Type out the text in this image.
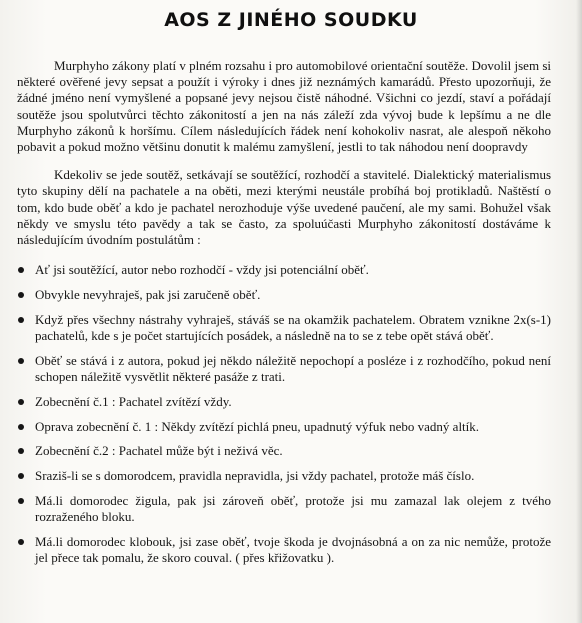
AOS Z JINÉHO SOUDKU

Murphyho zákony platí v plném rozsahu i pro automobilové orientační soutěže. Dovolil jsem si některé ověřené jevy sepsat a použít i výroky i dnes již neznámých kamarádů. Přesto upozorňuji, že žádné jméno není vymyšlené a popsané jevy nejsou čistě náhodné. Všichni co jezdí, staví a pořádají soutěže jsou spolutvůrci těchto zákonitostí a jen na nás záleží zda vývoj bude k lepšímu a ne dle Murphyho zákonů k horšímu. Cílem následujících řádek není kohokoliv nasrat, ale alespoň někoho pobavit a pokud možno většinu donutit k malému zamyšlení, jestli to tak náhodou není doopravdy

Kdekoliv se jede soutěž, setkávají se soutěžící, rozhodčí a stavitelé. Dialektický materialismus tyto skupiny dělí na pachatele a na oběti, mezi kterými neustále probíhá boj protikladů. Naštěstí o tom, kdo bude oběť a kdo je pachatel nerozhoduje výše uvedené paučení, ale my sami. Bohužel však někdy ve smyslu této pavědy a tak se často, za spoluúčasti Murphyho zákonitostí dostáváme k následujícím úvodním postulátům :

Ať jsi soutěžící, autor nebo rozhodčí - vždy jsi potenciální oběť.
Obvykle nevyhraješ, pak jsi zaručeně oběť.
Když přes všechny nástrahy vyhraješ, stáváš se na okamžik pachatelem. Obratem vznikne 2x(s-1) pachatelů, kde s je počet startujících posádek, a následně na to se z tebe opět stává oběť.
Oběť se stává i z autora, pokud jej někdo náležitě nepochopí a posléze i z rozhodčího, pokud není schopen náležitě vysvětlit některé pasáže z trati.
Zobecnění č.1 : Pachatel zvítězí vždy.
Oprava zobecnění č. 1 : Někdy zvítězí pichlá pneu, upadnutý výfuk nebo vadný altík.
Zobecnění č.2 : Pachatel může být i neživá věc.
Sraziš-li se s domorodcem, pravidla nepravidla, jsi vždy pachatel, protože máš číslo.
Má.li domorodec žigula, pak jsi zároveň oběť, protože jsi mu zamazal lak olejem z tvého rozraženého bloku.
Má.li domorodec klobouk, jsi zase oběť, tvoje škoda je dvojnásobná a on za nic nemůže, protože jel přece tak pomalu, že skoro couval. ( přes křižovatku ).
